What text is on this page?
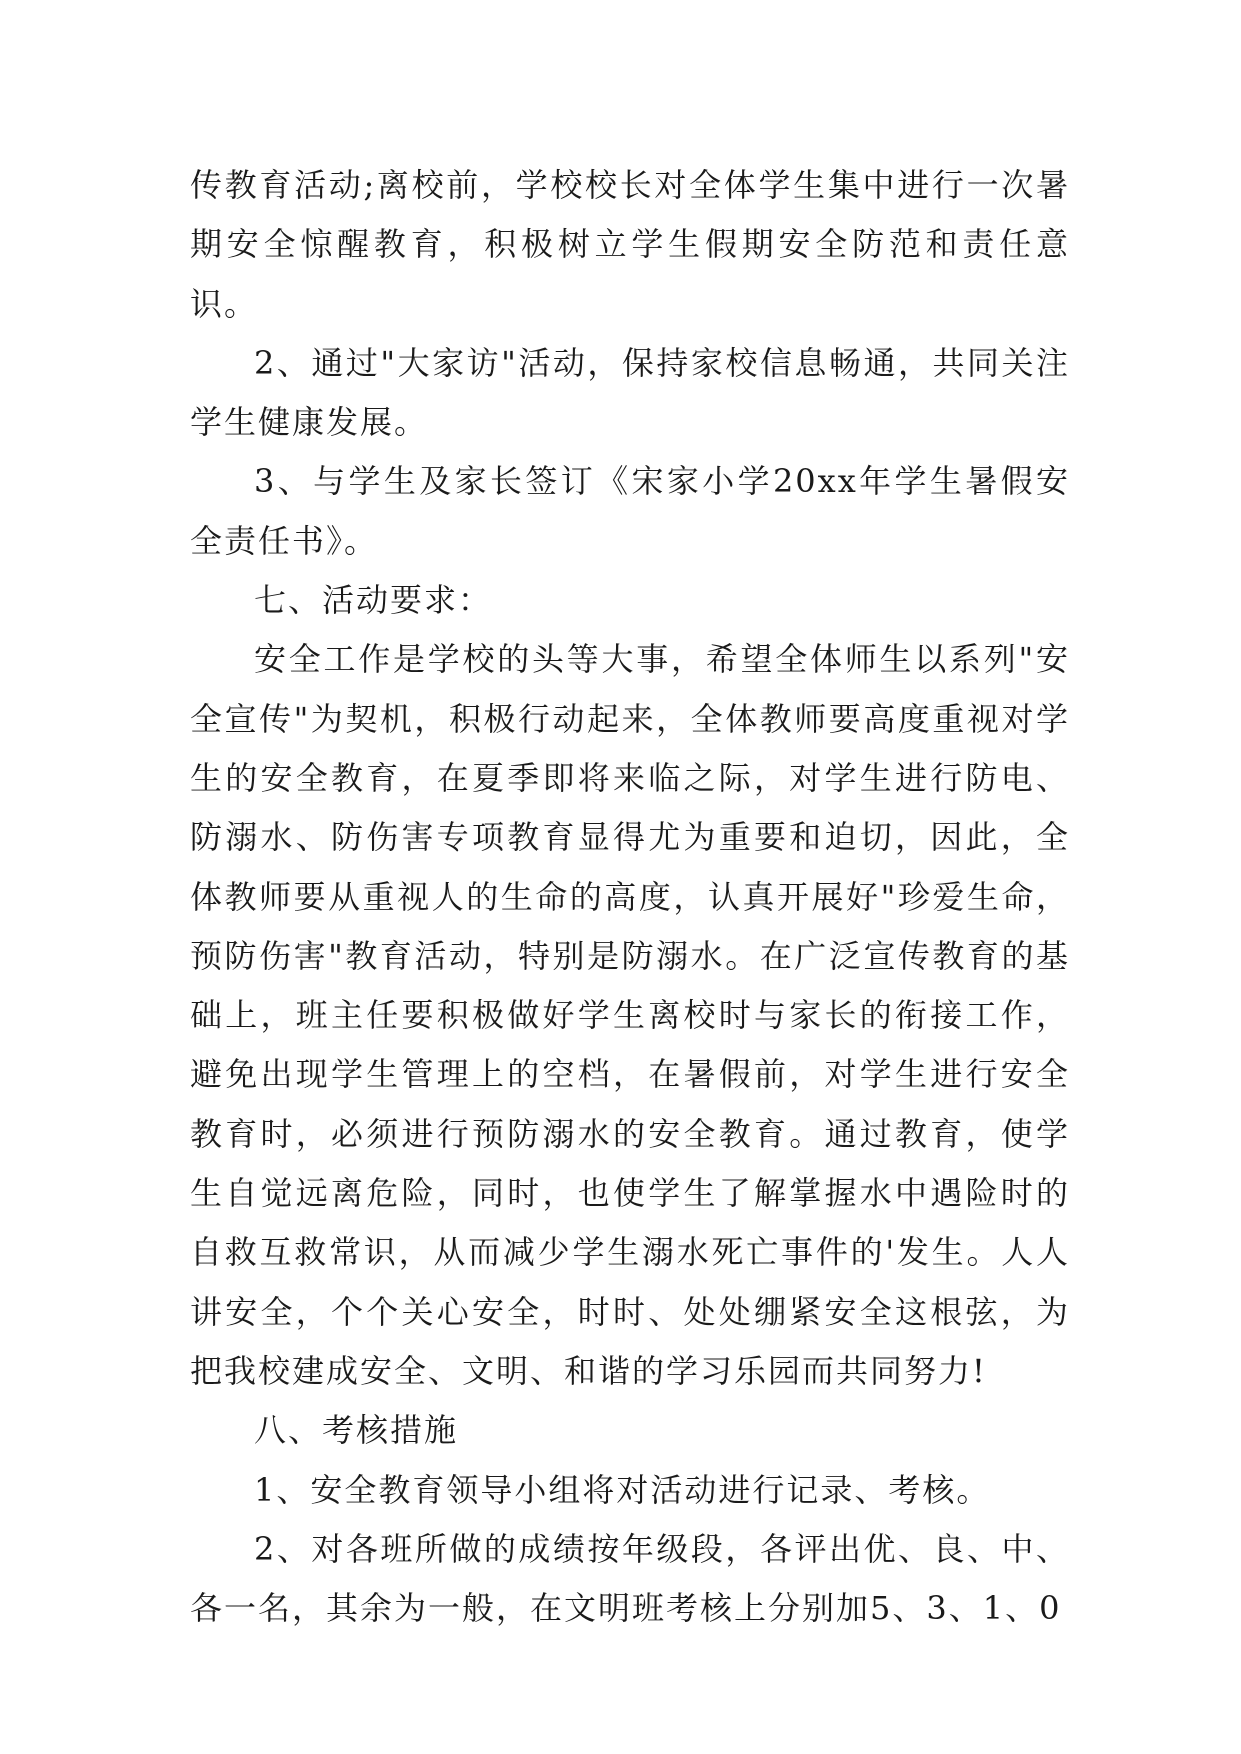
传教育活动;离校前，学校校长对全体学生集中进行一次暑期安全惊醒教育，积极树立学生假期安全防范和责任意识。

2、通过"大家访"活动，保持家校信息畅通，共同关注学生健康发展。

3、与学生及家长签订《宋家小学20xx年学生暑假安全责任书》。

七、活动要求：

安全工作是学校的头等大事，希望全体师生以系列"安全宣传"为契机，积极行动起来，全体教师要高度重视对学生的安全教育，在夏季即将来临之际，对学生进行防电、防溺水、防伤害专项教育显得尤为重要和迫切，因此，全体教师要从重视人的生命的高度，认真开展好"珍爱生命，预防伤害"教育活动，特别是防溺水。在广泛宣传教育的基础上，班主任要积极做好学生离校时与家长的衔接工作，避免出现学生管理上的空档，在暑假前，对学生进行安全教育时，必须进行预防溺水的安全教育。通过教育，使学生自觉远离危险，同时，也使学生了解掌握水中遇险时的自救互救常识，从而减少学生溺水死亡事件的'发生。人人讲安全，个个关心安全，时时、处处绷紧安全这根弦，为把我校建成安全、文明、和谐的学习乐园而共同努力!

八、考核措施

1、安全教育领导小组将对活动进行记录、考核。

2、对各班所做的成绩按年级段，各评出优、良、中、各一名，其余为一般，在文明班考核上分别加5、3、1、0
